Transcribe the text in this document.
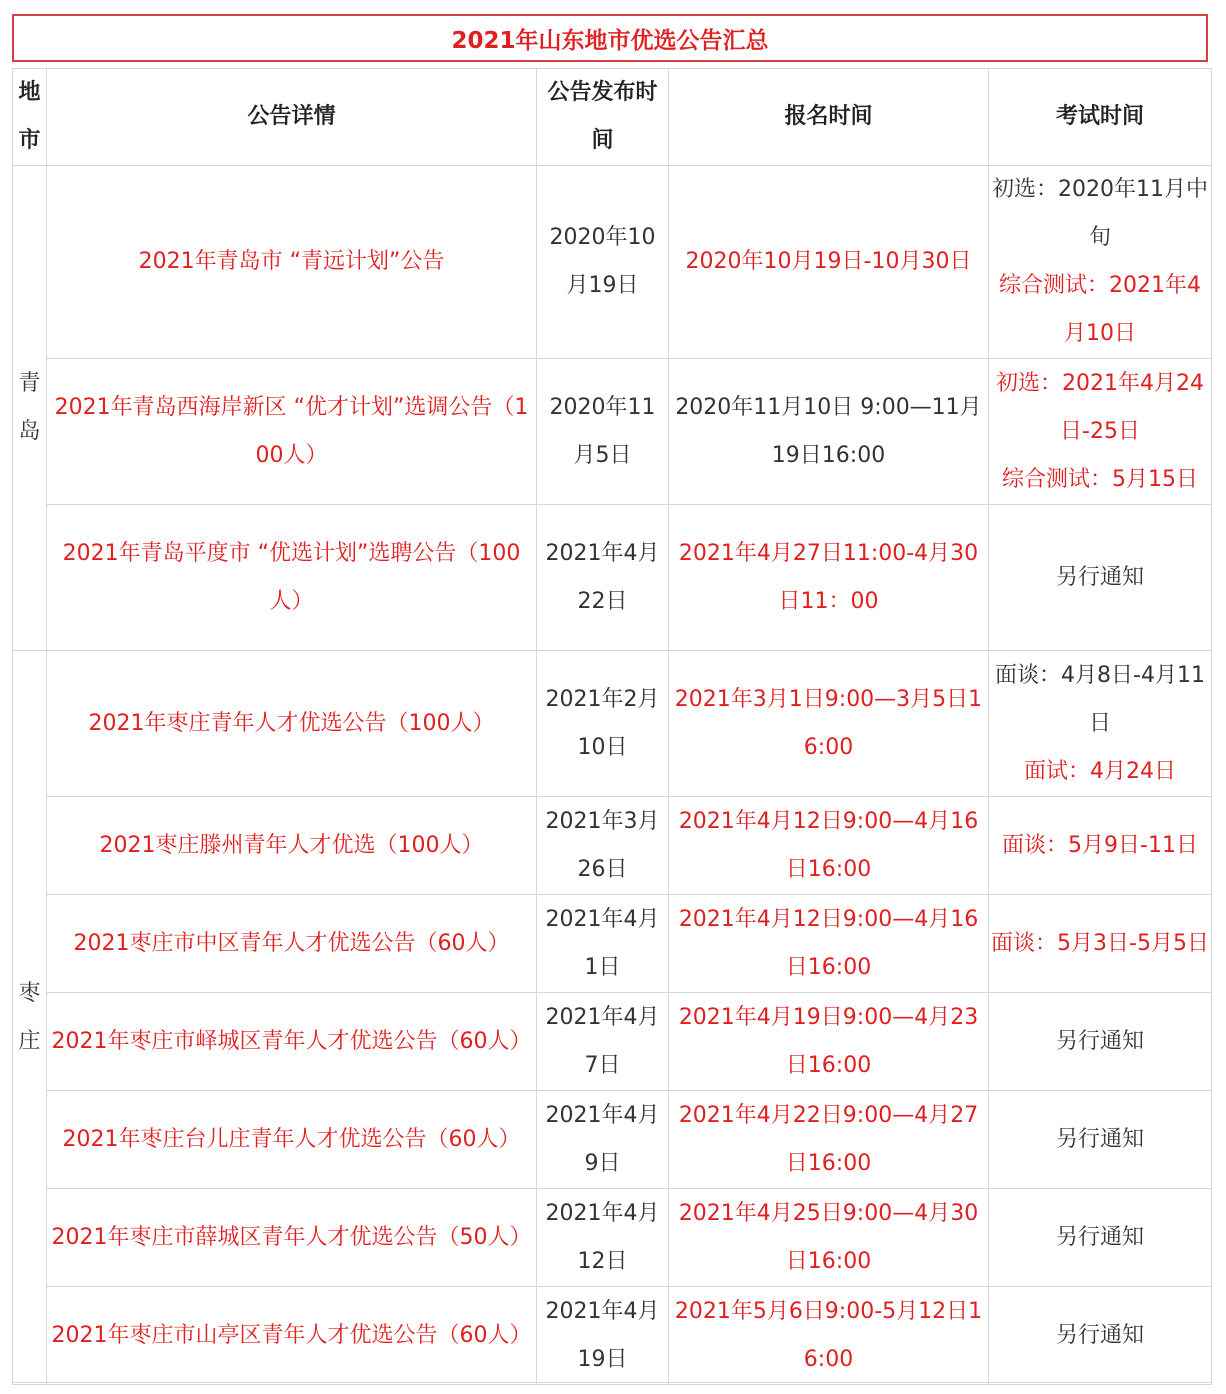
2021年山东地市优选公告汇总
地市	公告详情	公告发布时间	报名时间	考试时间
青岛	2021年青岛市 “青远计划”公告	2020年10月19日	2020年10月19日-10月30日	初选：2020年11月中旬
综合测试：2021年4月10日

	2021年青岛西海岸新区 “优才计划”选调公告（100人）	2020年11月5日	2020年11月10日 9:00—11月19日16:00	初选：2021年4月24日-25日
综合测试：5月15日

	2021年青岛平度市 “优选计划”选聘公告（100人）	2021年4月22日	2021年4月27日11:00-4月30日11：00	另行通知

枣庄	2021年枣庄青年人才优选公告（100人）	2021年2月10日	2021年3月1日9:00—3月5日16:00	面谈：4月8日-4月11日
面试：4月24日

	2021枣庄滕州青年人才优选（100人）	2021年3月26日	2021年4月12日9:00—4月16日16:00	面谈：5月9日-11日

	2021枣庄市中区青年人才优选公告（60人）	2021年4月1日	2021年4月12日9:00—4月16日16:00	面谈：5月3日-5月5日

	2021年枣庄市峄城区青年人才优选公告（60人）	2021年4月7日	2021年4月19日9:00—4月23日16:00	另行通知

	2021年枣庄台儿庄青年人才优选公告（60人）	2021年4月9日	2021年4月22日9:00—4月27日16:00	另行通知

	2021年枣庄市薛城区青年人才优选公告（50人）	2021年4月12日	2021年4月25日9:00—4月30日16:00	另行通知

	2021年枣庄市山亭区青年人才优选公告（60人）	2021年4月19日	2021年5月6日9:00-5月12日16:00	另行通知
